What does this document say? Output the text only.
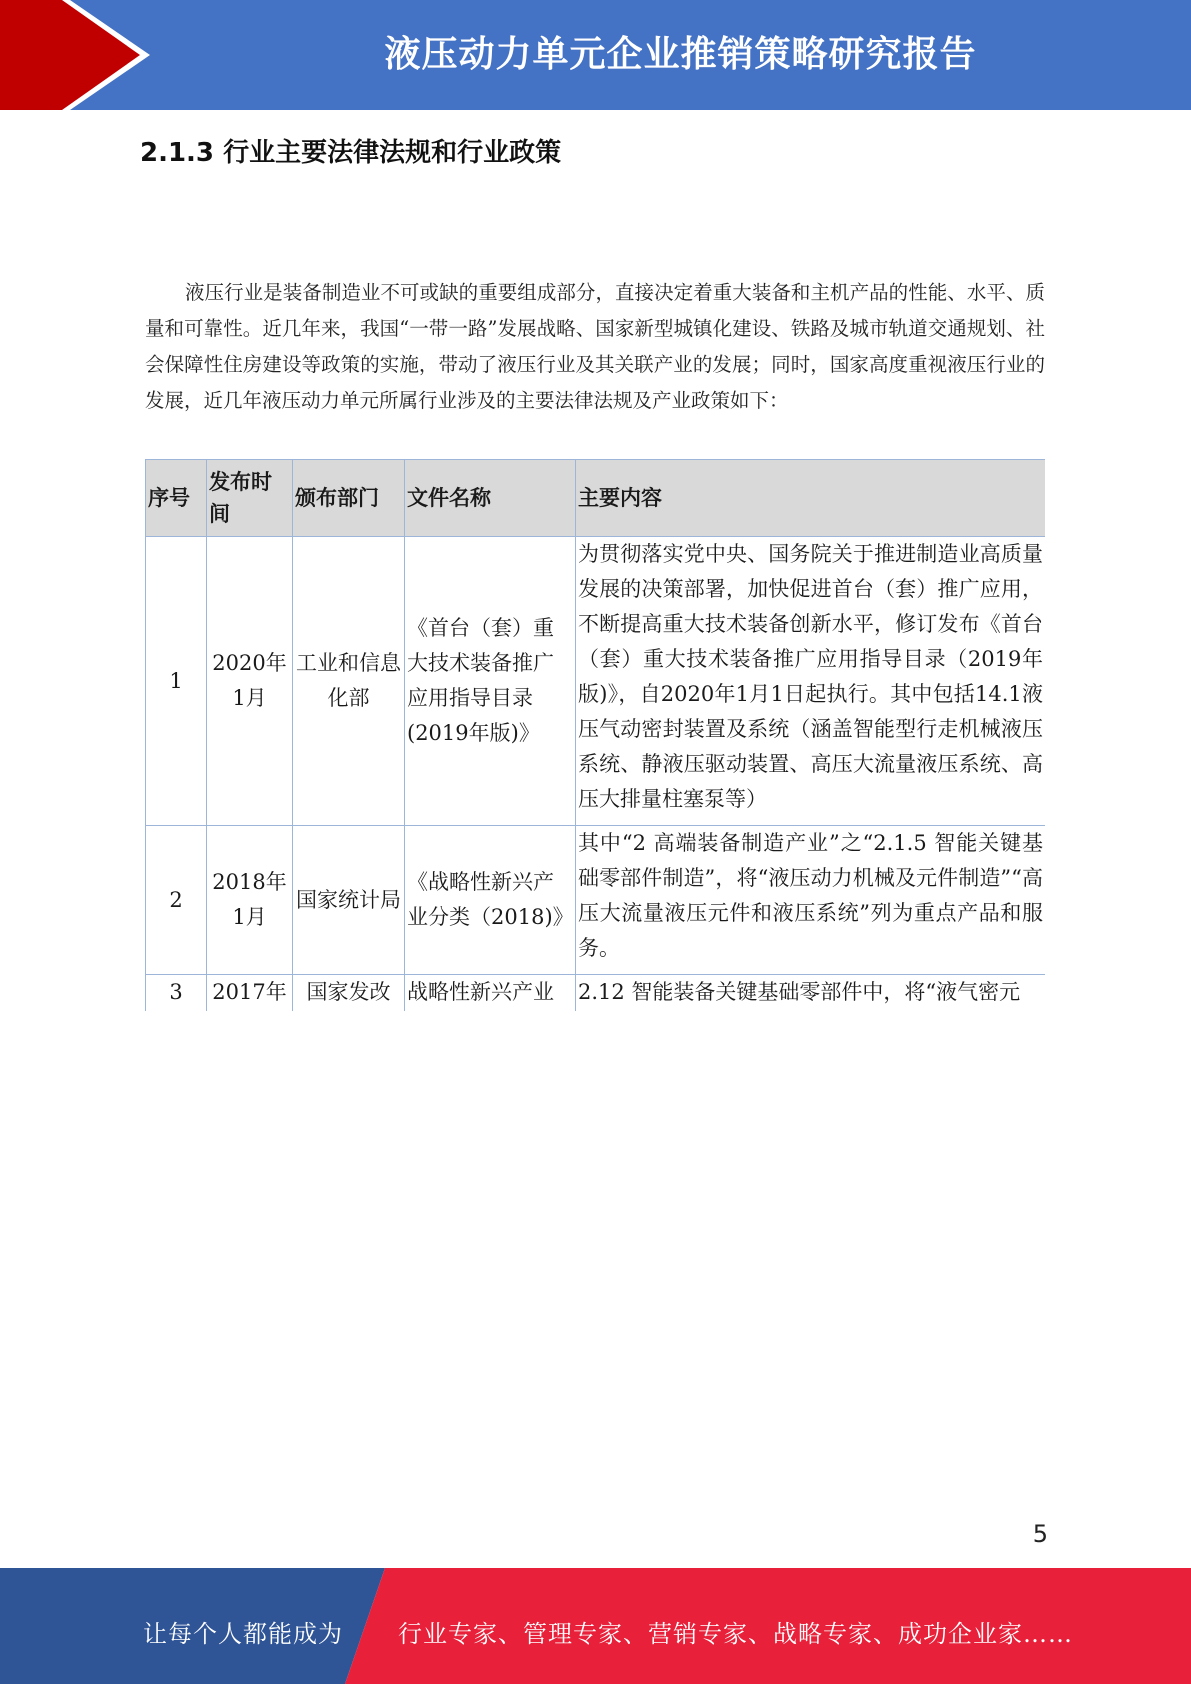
液压动力单元企业推销策略研究报告
2.1.3 行业主要法律法规和行业政策

液压行业是装备制造业不可或缺的重要组成部分，直接决定着重大装备和主机产品的性能、水平、质量和可靠性。近几年来，我国“一带一路”发展战略、国家新型城镇化建设、铁路及城市轨道交通规划、社会保障性住房建设等政策的实施，带动了液压行业及其关联产业的发展；同时，国家高度重视液压行业的发展，近几年液压动力单元所属行业涉及的主要法律法规及产业政策如下：

序号	发布时间	颁布部门	文件名称	主要内容
1	2020年1月	工业和信息化部	《首台（套）重大技术装备推广应用指导目录(2019年版)》	为贯彻落实党中央、国务院关于推进制造业高质量发展的决策部署，加快促进首台（套）推广应用，不断提高重大技术装备创新水平，修订发布《首台（套）重大技术装备推广应用指导目录（2019年版)》，自2020年1月1日起执行。其中包括14.1液压气动密封装置及系统（涵盖智能型行走机械液压系统、静液压驱动装置、高压大流量液压系统、高压大排量柱塞泵等）
2	2018年1月	国家统计局	《战略性新兴产业分类（2018)》	其中“2 高端装备制造产业”之“2.1.5 智能关键基础零部件制造”，将“液压动力机械及元件制造”“高压大流量液压元件和液压系统”列为重点产品和服务。
3	2017年	国家发改	战略性新兴产业	2.12 智能装备关键基础零部件中，将“液气密元
5
让每个人都能成为 行业专家、管理专家、营销专家、战略专家、成功企业家……
